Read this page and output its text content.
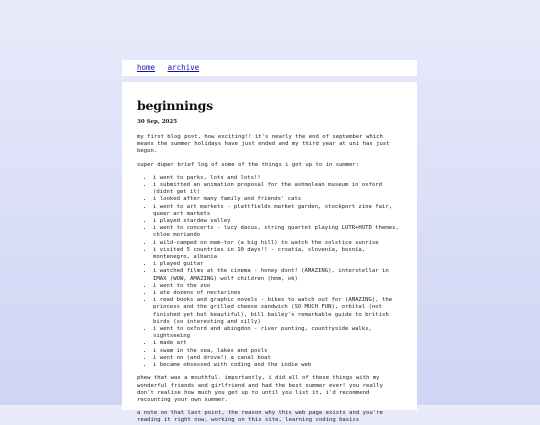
home archive
beginnings
30 Sep, 2025

my first blog post, how exciting!! it's nearly the end of september which means the summer holidays have just ended and my third year at uni has just begun.

super duper brief log of some of the things i got up to in summer:

• i went to parks, lots and lots!!
• i submitted an animation proposal for the ashmolean museum in oxford (didnt get it)
• i looked after many family and friends' cats
• i went to art markets - plattfields market garden, stockport zine fair, queer art markets
• i played stardew valley
• i went to concerts - lucy dacus, string quartet playing LOTR+HOTD themes, chloe moriando
• i wild-camped on mam-tor (a big hill) to watch the solstice sunrise
• i visited 5 countries in 10 days!! - croatia, slovenia, bosnia, montenegro, albania
• i played guitar
• i watched films at the cinema - honey dont! (AMAZING), interstellar in IMAX (WOW, AMAZING) wolf children (hmm, ok)
• i went to the zoo
• i ate dozens of nectarines
• i read books and graphic novels - bikes to watch out for (AMAZING), the princess and the grilled cheese sandwich (SO MUCH FUN), orbital (not finished yet but beautiful), bill bailey's remarkable guide to british birds (so interesting and silly)
• i went to oxford and abingdon - river punting, countryside walks, sightseeing
• i made art
• i swam in the sea, lakes and pools
• i went on (and drove!) a canal boat
• i became obsessed with coding and the indie web

phew that was a mouthful. importantly, i did all of these things with my wonderful friends and girlfriend and had the best summer ever! you really don't realise how much you get up to until you list it, i'd recommend recounting your own summer.

a note on that last point, the reason why this web page exists and you're reading it right now, working on this site, learning coding basics
